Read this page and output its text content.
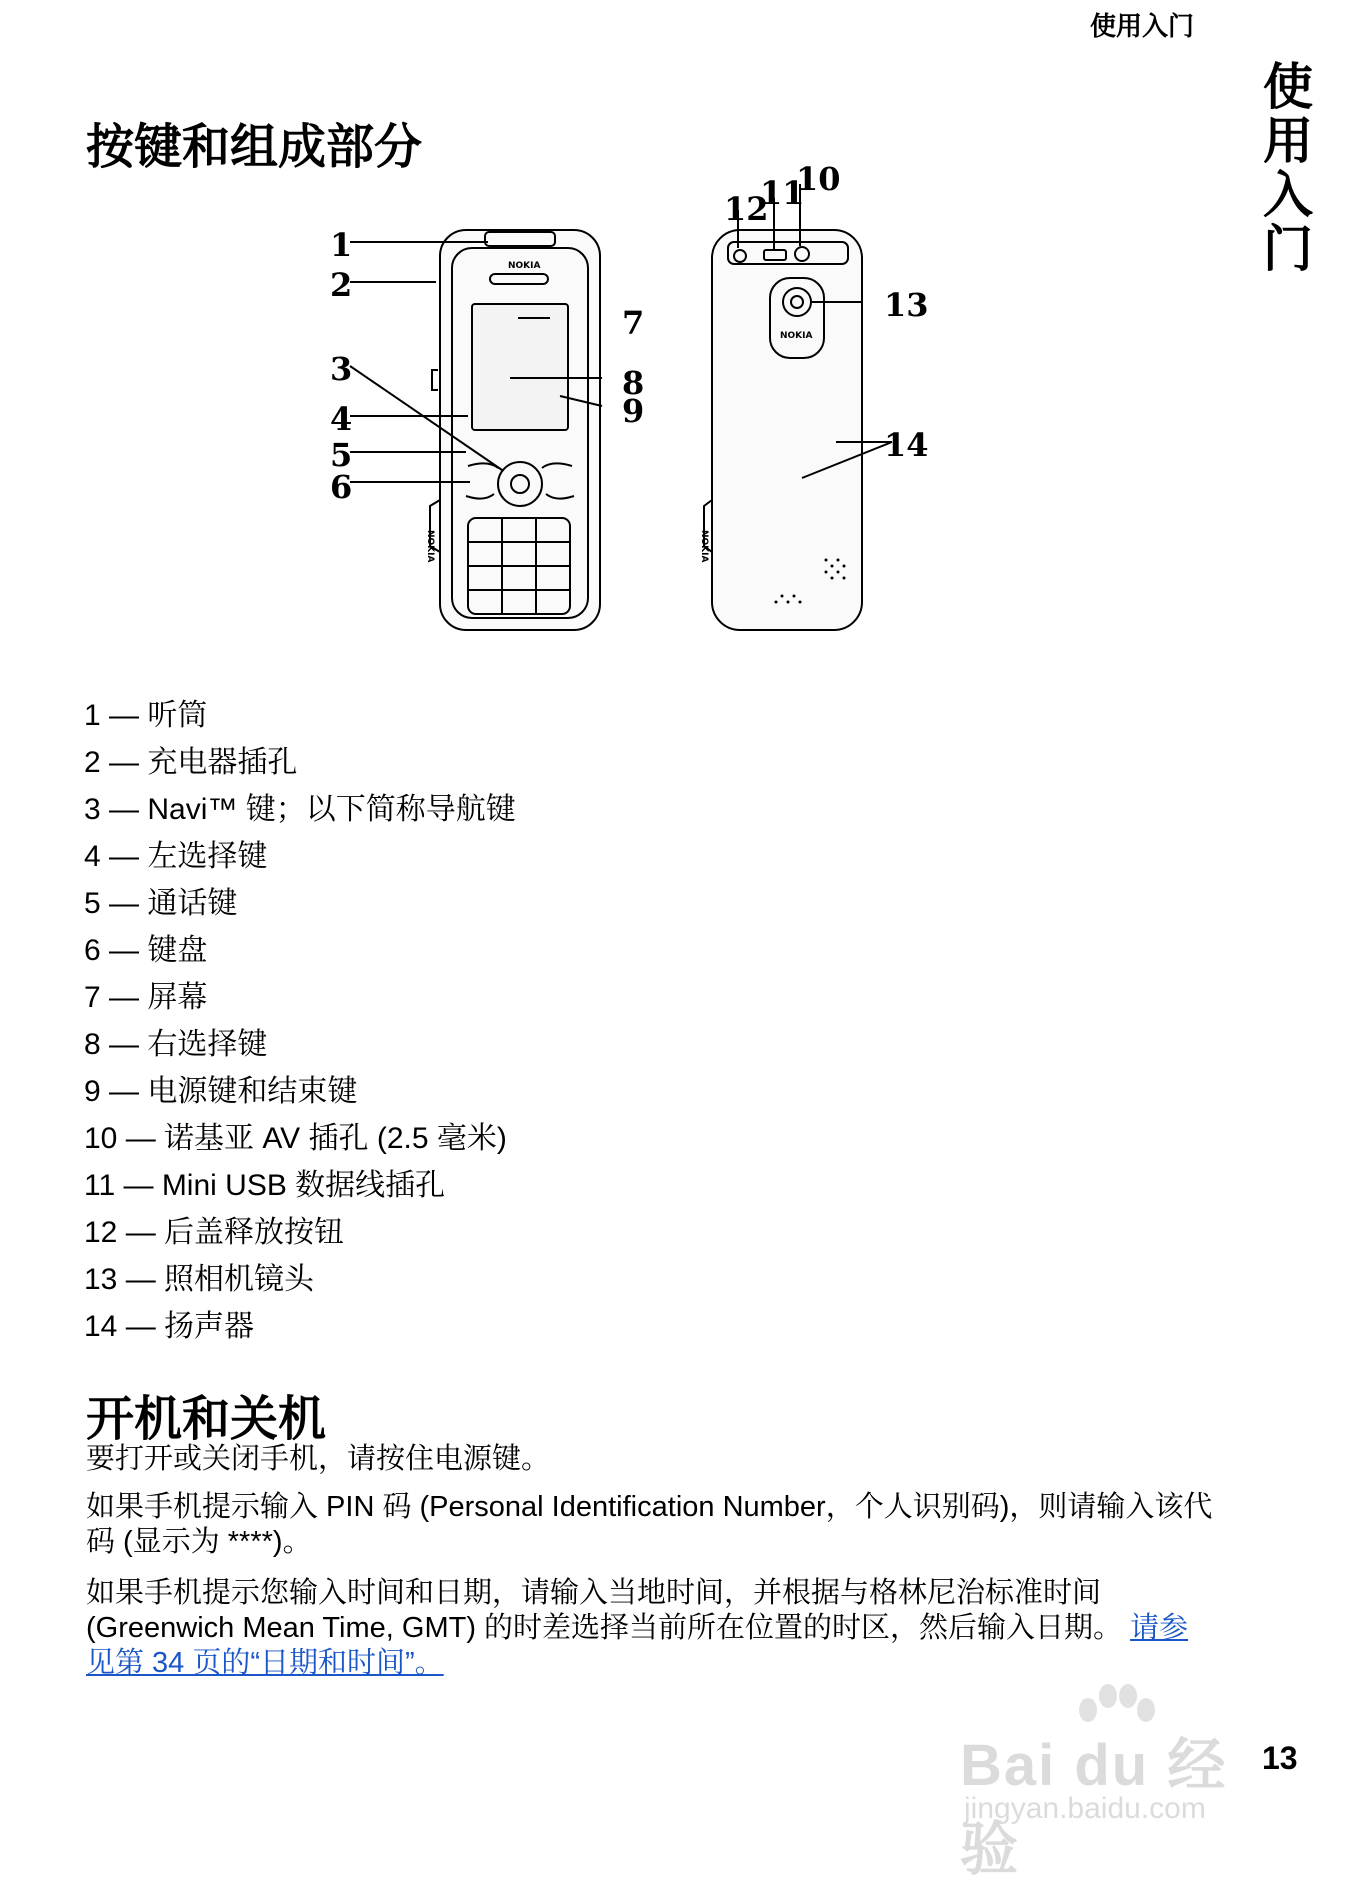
使用入门
使用入门
按键和组成部分
NOKIA
NOKIA
NOKIA	NOKIA
1
2
3
4
5
6
7
8
9
10
11
12
13
14
1 — 听筒
2 — 充电器插孔
3 — Navi™ 键；以下简称导航键
4 — 左选择键
5 — 通话键
6 — 键盘
7 — 屏幕
8 — 右选择键
9 — 电源键和结束键
10 — 诺基亚 AV 插孔 (2.5 毫米)
11 — Mini USB 数据线插孔
12 — 后盖释放按钮
13 — 照相机镜头
14 — 扬声器
开机和关机

要打开或关闭手机，请按住电源键。

如果手机提示输入 PIN 码 (Personal Identification Number，个人识别码)，则请输入该代码 (显示为 ****)。

如果手机提示您输入时间和日期，请输入当地时间，并根据与格林尼治标准时间 (Greenwich Mean Time, GMT) 的时差选择当前所在位置的时区，然后输入日期。 请参见第 34 页的“日期和时间”。

Bai du 经验
jingyan.baidu.com
13
